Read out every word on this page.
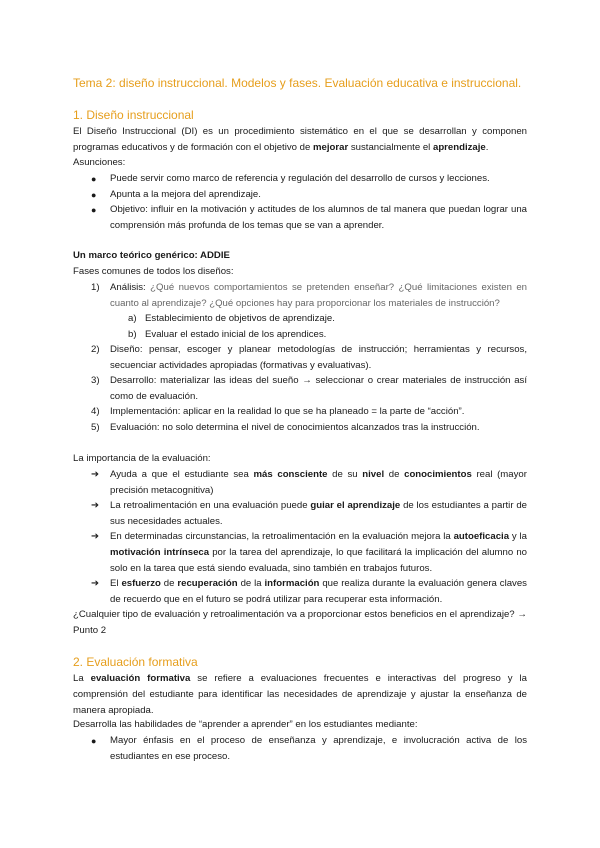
Tema 2: diseño instruccional. Modelos y fases. Evaluación educativa e instruccional.
1. Diseño instruccional
El Diseño Instruccional (DI) es un procedimiento sistemático en el que se desarrollan y componen programas educativos y de formación con el objetivo de mejorar sustancialmente el aprendizaje.
Asunciones:
● Puede servir como marco de referencia y regulación del desarrollo de cursos y lecciones.
● Apunta a la mejora del aprendizaje.
● Objetivo: influir en la motivación y actitudes de los alumnos de tal manera que puedan lograr una comprensión más profunda de los temas que se van a aprender.
Un marco teórico genérico: ADDIE
Fases comunes de todos los diseños:
1) Análisis: ¿Qué nuevos comportamientos se pretenden enseñar? ¿Qué limitaciones existen en cuanto al aprendizaje? ¿Qué opciones hay para proporcionar los materiales de instrucción?
a) Establecimiento de objetivos de aprendizaje.
b) Evaluar el estado inicial de los aprendices.
2) Diseño: pensar, escoger y planear metodologías de instrucción; herramientas y recursos, secuenciar actividades apropiadas (formativas y evaluativas).
3) Desarrollo: materializar las ideas del sueño → seleccionar o crear materiales de instrucción así como de evaluación.
4) Implementación: aplicar en la realidad lo que se ha planeado = la parte de “acción”.
5) Evaluación: no solo determina el nivel de conocimientos alcanzados tras la instrucción.
La importancia de la evaluación:
➔ Ayuda a que el estudiante sea más consciente de su nivel de conocimientos real (mayor precisión metacognitiva)
➔ La retroalimentación en una evaluación puede guiar el aprendizaje de los estudiantes a partir de sus necesidades actuales.
➔ En determinadas circunstancias, la retroalimentación en la evaluación mejora la autoeficacia y la motivación intrínseca por la tarea del aprendizaje, lo que facilitará la implicación del alumno no solo en la tarea que está siendo evaluada, sino también en trabajos futuros.
➔ El esfuerzo de recuperación de la información que realiza durante la evaluación genera claves de recuerdo que en el futuro se podrá utilizar para recuperar esta información.
¿Cualquier tipo de evaluación y retroalimentación va a proporcionar estos beneficios en el aprendizaje? → Punto 2
2. Evaluación formativa
La evaluación formativa se refiere a evaluaciones frecuentes e interactivas del progreso y la comprensión del estudiante para identificar las necesidades de aprendizaje y ajustar la enseñanza de manera apropiada.
Desarrolla las habilidades de “aprender a aprender” en los estudiantes mediante:
● Mayor énfasis en el proceso de enseñanza y aprendizaje, e involucración activa de los estudiantes en ese proceso.
